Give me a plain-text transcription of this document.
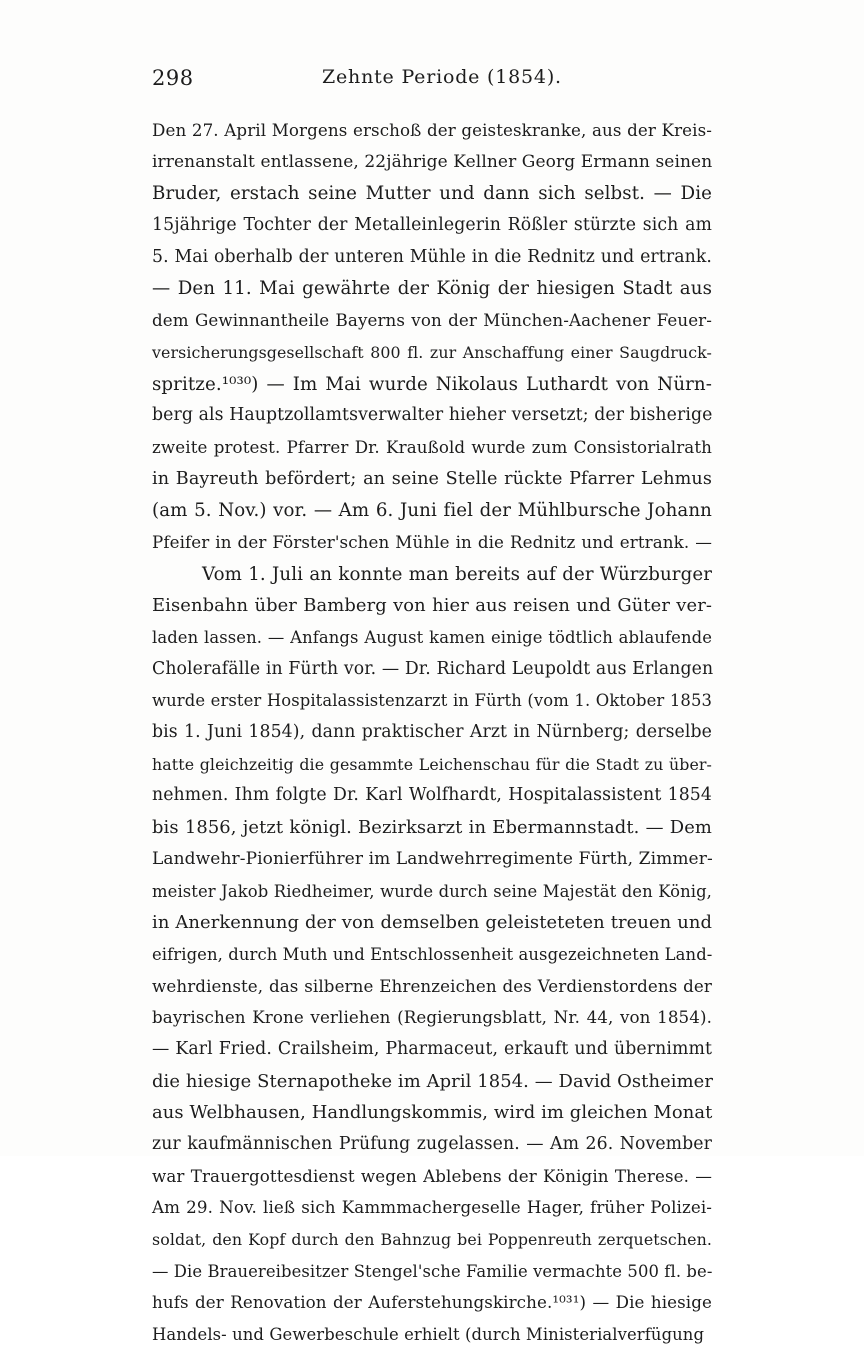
298	Zehnte Periode (1854).
Den 27. April Morgens erschoß der geisteskranke, aus der Kreis-
irrenanstalt entlassene, 22jährige Kellner Georg Ermann seinen
Bruder, erstach seine Mutter und dann sich selbst. — Die
15jährige Tochter der Metalleinlegerin Rößler stürzte sich am
5. Mai oberhalb der unteren Mühle in die Rednitz und ertrank.
— Den 11. Mai gewährte der König der hiesigen Stadt aus
dem Gewinnantheile Bayerns von der München-Aachener Feuer-
versicherungsgesellschaft 800 fl. zur Anschaffung einer Saugdruck-
spritze.¹⁰³⁰) — Im Mai wurde Nikolaus Luthardt von Nürn-
berg als Hauptzollamtsverwalter hieher versetzt; der bisherige
zweite protest. Pfarrer Dr. Kraußold wurde zum Consistorialrath
in Bayreuth befördert; an seine Stelle rückte Pfarrer Lehmus
(am 5. Nov.) vor. — Am 6. Juni fiel der Mühlbursche Johann
Pfeifer in der Förster'schen Mühle in die Rednitz und ertrank. —
Vom 1. Juli an konnte man bereits auf der Würzburger
Eisenbahn über Bamberg von hier aus reisen und Güter ver-
laden lassen. — Anfangs August kamen einige tödtlich ablaufende
Cholerafälle in Fürth vor. — Dr. Richard Leupoldt aus Erlangen
wurde erster Hospitalassistenzarzt in Fürth (vom 1. Oktober 1853
bis 1. Juni 1854), dann praktischer Arzt in Nürnberg; derselbe
hatte gleichzeitig die gesammte Leichenschau für die Stadt zu über-
nehmen. Ihm folgte Dr. Karl Wolfhardt, Hospitalassistent 1854
bis 1856, jetzt königl. Bezirksarzt in Ebermannstadt. — Dem
Landwehr-Pionierführer im Landwehrregimente Fürth, Zimmer-
meister Jakob Riedheimer, wurde durch seine Majestät den König,
in Anerkennung der von demselben geleisteteten treuen und
eifrigen, durch Muth und Entschlossenheit ausgezeichneten Land-
wehrdienste, das silberne Ehrenzeichen des Verdienstordens der
bayrischen Krone verliehen (Regierungsblatt, Nr. 44, von 1854).
— Karl Fried. Crailsheim, Pharmaceut, erkauft und übernimmt
die hiesige Sternapotheke im April 1854. — David Ostheimer
aus Welbhausen, Handlungskommis, wird im gleichen Monat
zur kaufmännischen Prüfung zugelassen. — Am 26. November
war Trauergottesdienst wegen Ablebens der Königin Therese. —
Am 29. Nov. ließ sich Kammmachergeselle Hager, früher Polizei-
soldat, den Kopf durch den Bahnzug bei Poppenreuth zerquetschen.
— Die Brauereibesitzer Stengel'sche Familie vermachte 500 fl. be-
hufs der Renovation der Auferstehungskirche.¹⁰³¹) — Die hiesige
Handels- und Gewerbeschule erhielt (durch Ministerialverfügung
